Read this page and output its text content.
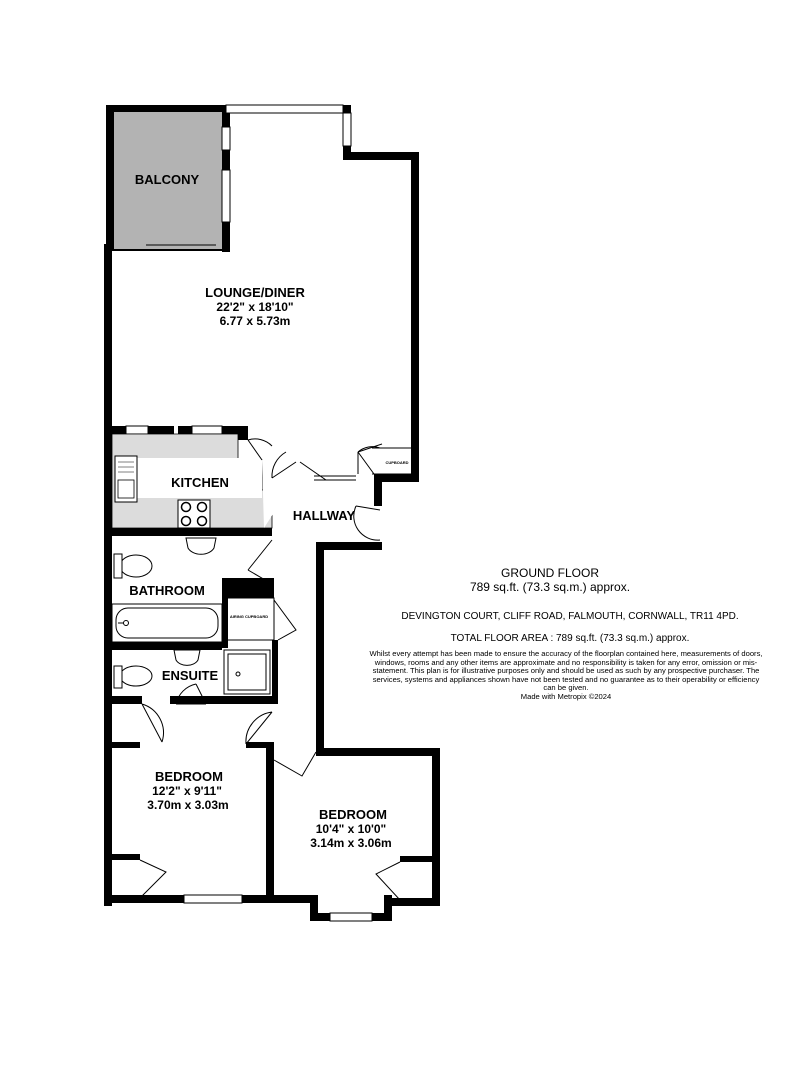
BALCONY
LOUNGE/DINER
22'2" x 18'10"
6.77 x 5.73m
KITCHEN
HALLWAY
BATHROOM
ENSUITE
BEDROOM
12'2" x 9'11"
3.70m x 3.03m
BEDROOM
10'4" x 10'0"
3.14m x 3.06m
CUPBOARD
AIRING CUPBOARD
GROUND FLOOR
789 sq.ft. (73.3 sq.m.) approx.
DEVINGTON COURT, CLIFF ROAD, FALMOUTH, CORNWALL, TR11 4PD.
TOTAL FLOOR AREA : 789 sq.ft. (73.3 sq.m.) approx.
Whilst every attempt has been made to ensure the accuracy of the floorplan contained here, measurements of doors, windows, rooms and any other items are approximate and no responsibility is taken for any error, omission or mis-statement. This plan is for illustrative purposes only and should be used as such by any prospective purchaser. The services, systems and appliances shown have not been tested and no guarantee as to their operability or efficiency can be given.
Made with Metropix ©2024
